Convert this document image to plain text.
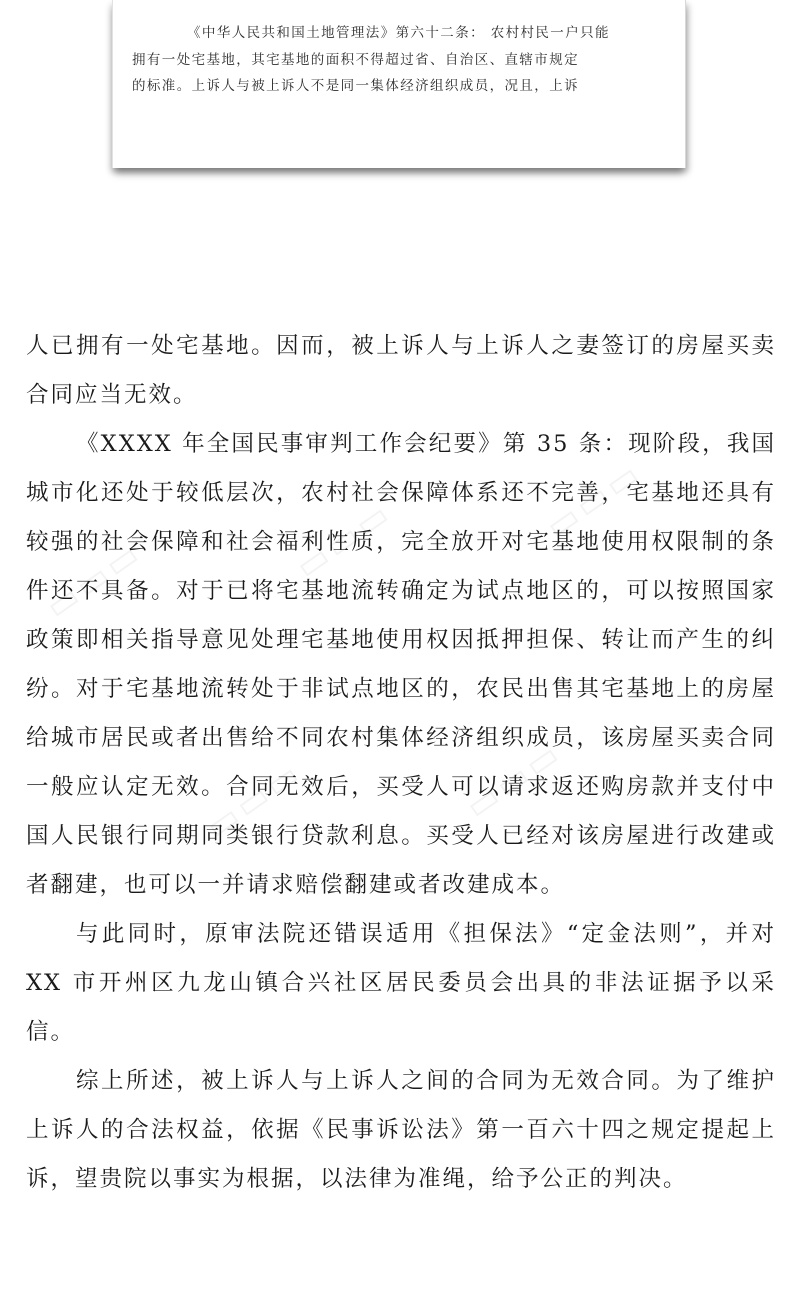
《中华人民共和国土地管理法》第六十二条： 农村村民一户只能
拥有一处宅基地，其宅基地的面积不得超过省、自治区、直辖市规定
的标准。上诉人与被上诉人不是同一集体经济组织成员，况且，上诉
▭▭▭	▭▭▭	▭▭▭
▭▭▭	▭▭▭
人已拥有一处宅基地。因而，被上诉人与上诉人之妻签订的房屋买卖
合同应当无效。
《XXXX 年全国民事审判工作会纪要》第 35 条：现阶段，我国
城市化还处于较低层次，农村社会保障体系还不完善，宅基地还具有
较强的社会保障和社会福利性质，完全放开对宅基地使用权限制的条
件还不具备。对于已将宅基地流转确定为试点地区的，可以按照国家
政策即相关指导意见处理宅基地使用权因抵押担保、转让而产生的纠
纷。对于宅基地流转处于非试点地区的，农民出售其宅基地上的房屋
给城市居民或者出售给不同农村集体经济组织成员，该房屋买卖合同
一般应认定无效。合同无效后，买受人可以请求返还购房款并支付中
国人民银行同期同类银行贷款利息。买受人已经对该房屋进行改建或
者翻建，也可以一并请求赔偿翻建或者改建成本。
与此同时，原审法院还错误适用《担保法》“定金法则”，并对
XX 市开州区九龙山镇合兴社区居民委员会出具的非法证据予以采
信。
综上所述，被上诉人与上诉人之间的合同为无效合同。为了维护
上诉人的合法权益，依据《民事诉讼法》第一百六十四之规定提起上
诉，望贵院以事实为根据，以法律为准绳，给予公正的判决。
